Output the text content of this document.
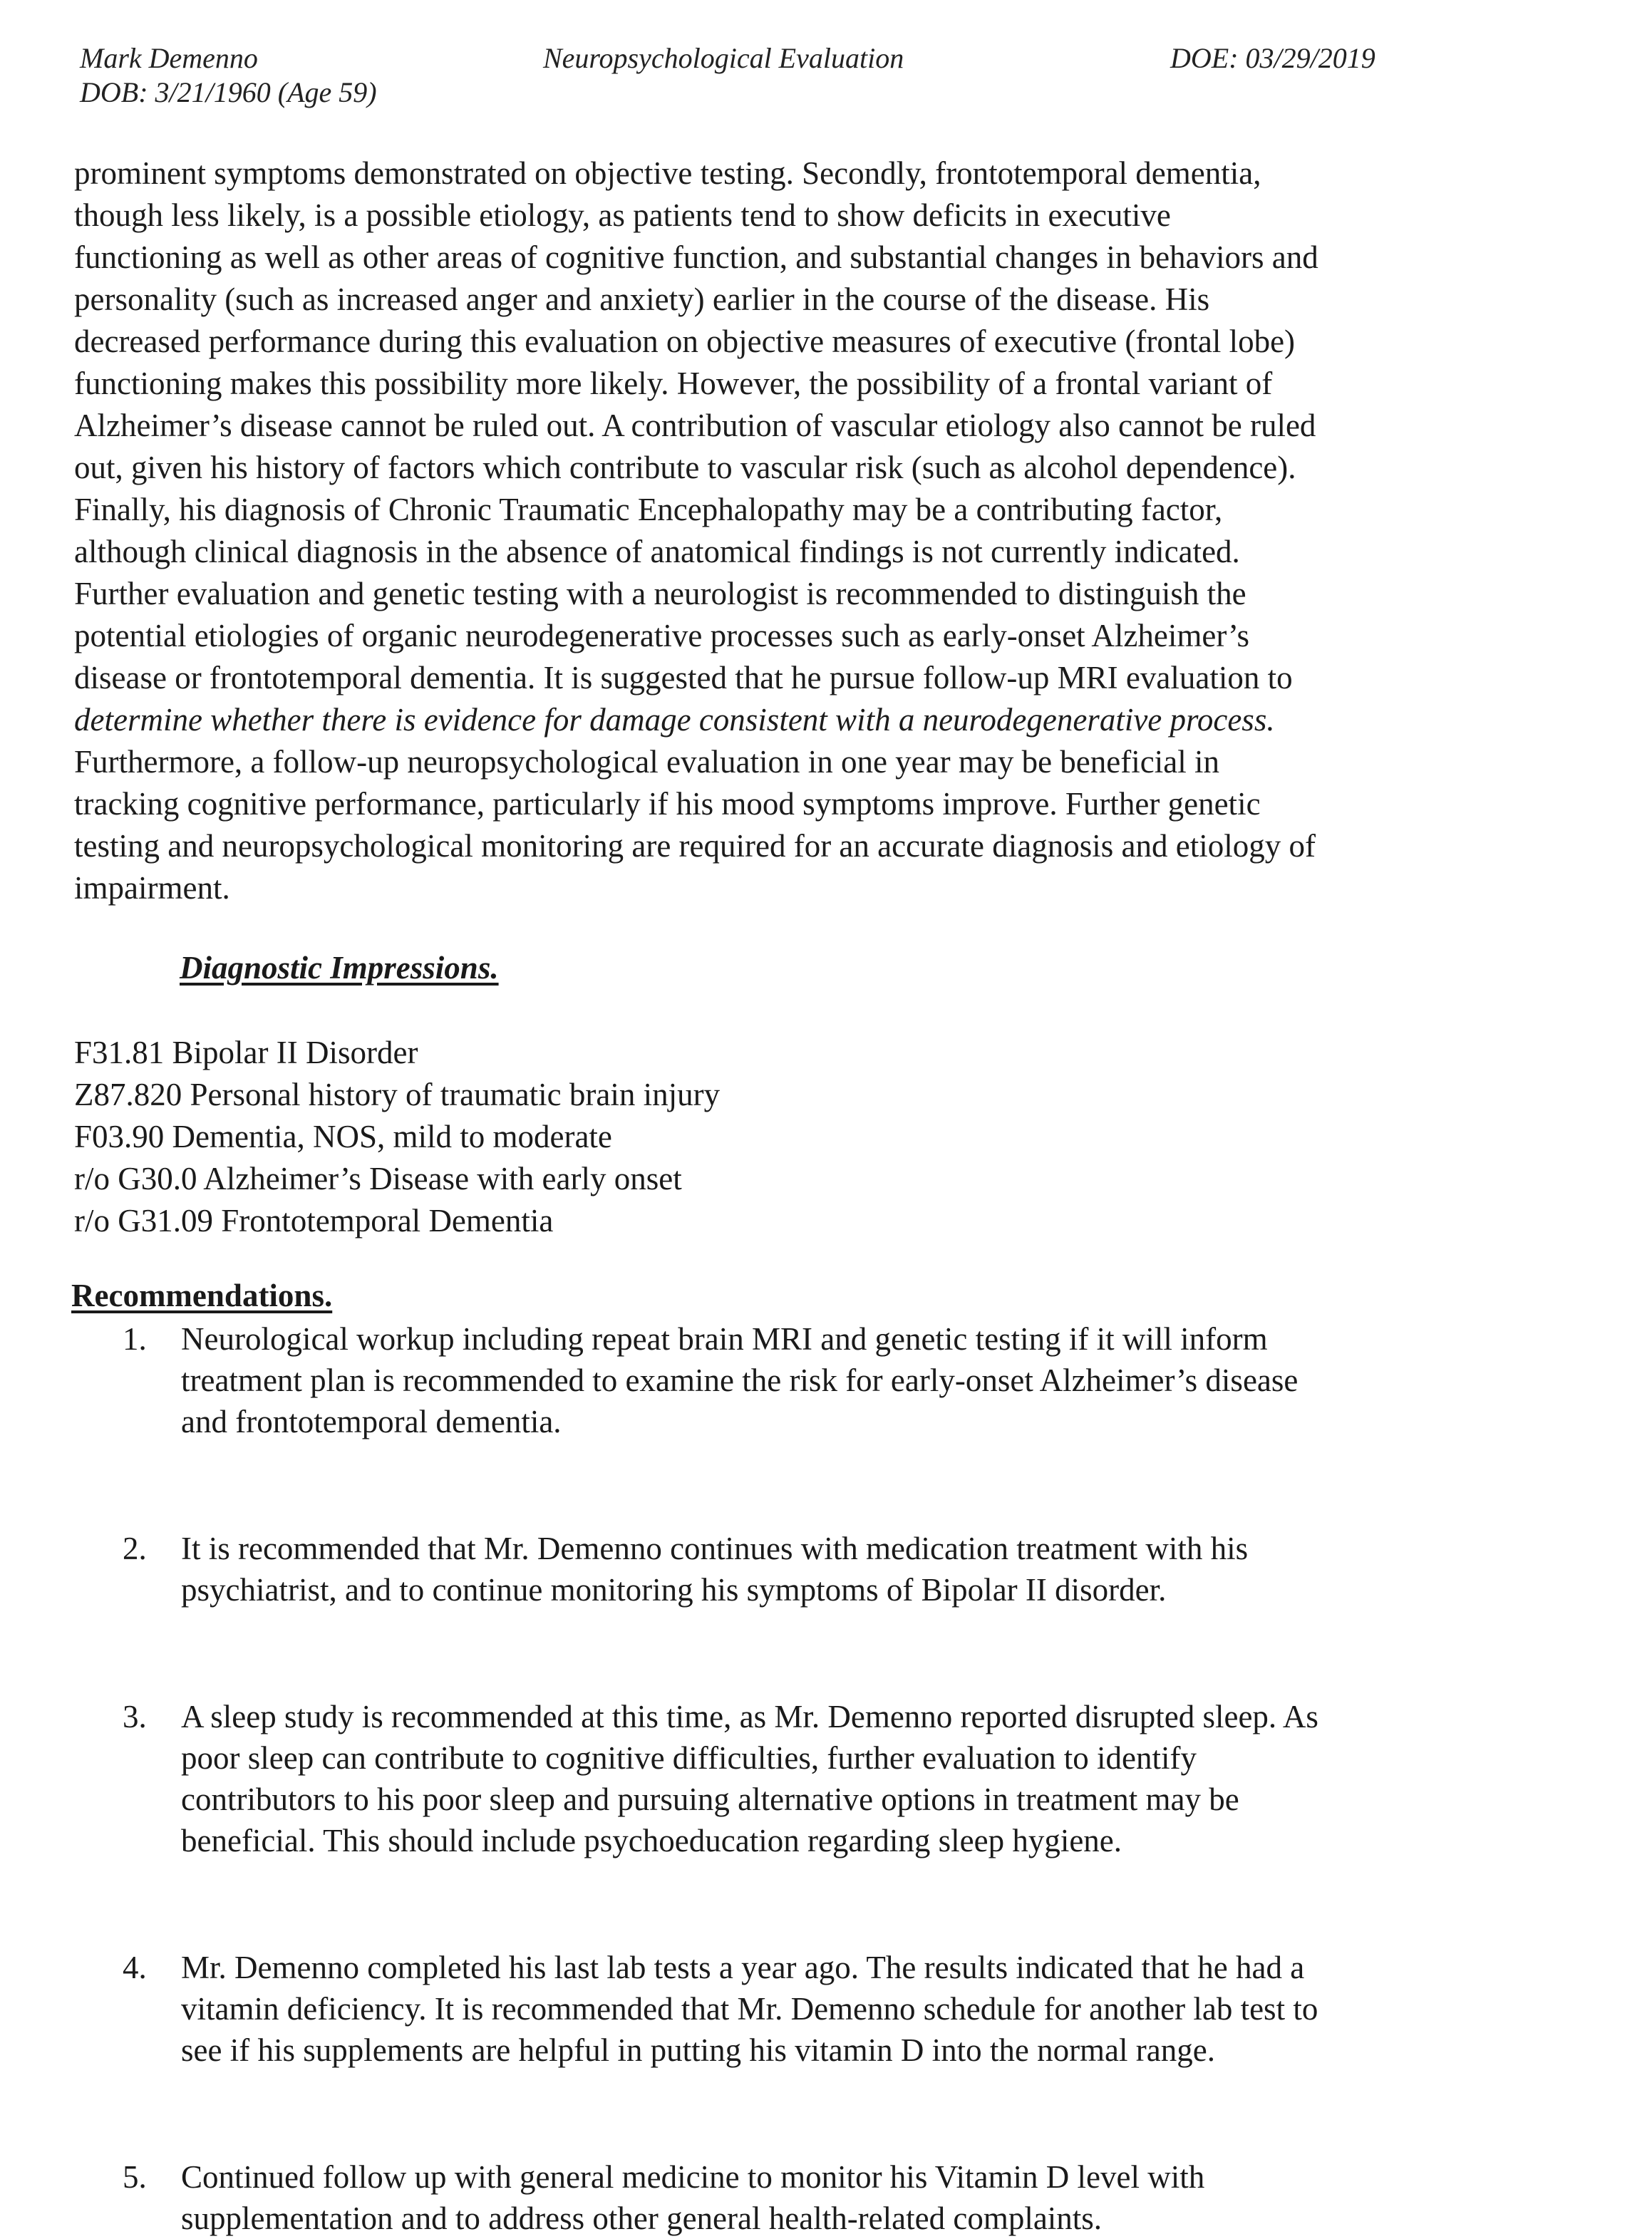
Mark Demenno
DOB: 3/21/1960 (Age 59)
Neuropsychological Evaluation	DOE: 03/29/2019
prominent symptoms demonstrated on objective testing. Secondly, frontotemporal dementia,
though less likely, is a possible etiology, as patients tend to show deficits in executive
functioning as well as other areas of cognitive function, and substantial changes in behaviors and
personality (such as increased anger and anxiety) earlier in the course of the disease. His
decreased performance during this evaluation on objective measures of executive (frontal lobe)
functioning makes this possibility more likely. However, the possibility of a frontal variant of
Alzheimer’s disease cannot be ruled out. A contribution of vascular etiology also cannot be ruled
out, given his history of factors which contribute to vascular risk (such as alcohol dependence).
Finally, his diagnosis of Chronic Traumatic Encephalopathy may be a contributing factor,
although clinical diagnosis in the absence of anatomical findings is not currently indicated.
Further evaluation and genetic testing with a neurologist is recommended to distinguish the
potential etiologies of organic neurodegenerative processes such as early-onset Alzheimer’s
disease or frontotemporal dementia. It is suggested that he pursue follow-up MRI evaluation to
determine whether there is evidence for damage consistent with a neurodegenerative process.
Furthermore, a follow-up neuropsychological evaluation in one year may be beneficial in
tracking cognitive performance, particularly if his mood symptoms improve. Further genetic
testing and neuropsychological monitoring are required for an accurate diagnosis and etiology of
impairment.
Diagnostic Impressions.
F31.81 Bipolar II Disorder
Z87.820 Personal history of traumatic brain injury
F03.90 Dementia, NOS, mild to moderate
r/o G30.0 Alzheimer’s Disease with early onset
r/o G31.09 Frontotemporal Dementia
Recommendations.
1. Neurological workup including repeat brain MRI and genetic testing if it will inform
treatment plan is recommended to examine the risk for early-onset Alzheimer’s disease
and frontotemporal dementia.
2. It is recommended that Mr. Demenno continues with medication treatment with his
psychiatrist, and to continue monitoring his symptoms of Bipolar II disorder.
3. A sleep study is recommended at this time, as Mr. Demenno reported disrupted sleep. As
poor sleep can contribute to cognitive difficulties, further evaluation to identify
contributors to his poor sleep and pursuing alternative options in treatment may be
beneficial. This should include psychoeducation regarding sleep hygiene.
4. Mr. Demenno completed his last lab tests a year ago. The results indicated that he had a
vitamin deficiency. It is recommended that Mr. Demenno schedule for another lab test to
see if his supplements are helpful in putting his vitamin D into the normal range.
5. Continued follow up with general medicine to monitor his Vitamin D level with
supplementation and to address other general health-related complaints.
